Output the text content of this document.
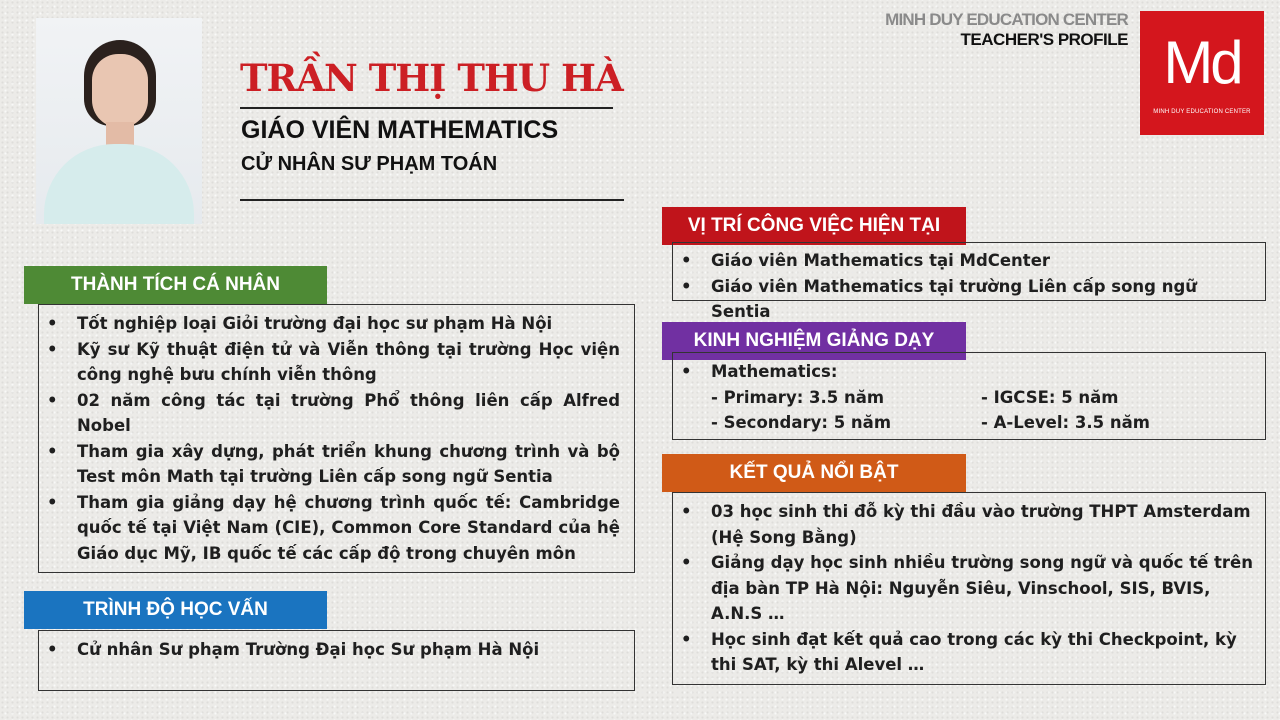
TRẦN THỊ THU HÀ
GIÁO VIÊN MATHEMATICS
CỬ NHÂN SƯ PHẠM TOÁN
MINH DUY EDUCATION CENTER
TEACHER'S PROFILE Md
MINH DUY EDUCATION CENTER
THÀNH TÍCH CÁ NHÂN
• Tốt nghiệp loại Giỏi trường đại học sư phạm Hà Nội
• Kỹ sư Kỹ thuật điện tử và Viễn thông tại trường Học viện công nghệ bưu chính viễn thông
• 02 năm công tác tại trường Phổ thông liên cấp Alfred Nobel
• Tham gia xây dựng, phát triển khung chương trình và bộ Test môn Math tại trường Liên cấp song ngữ Sentia
• Tham gia giảng dạy hệ chương trình quốc tế: Cambridge quốc tế tại Việt Nam (CIE), Common Core Standard của hệ Giáo dục Mỹ, IB quốc tế các cấp độ trong chuyên môn
TRÌNH ĐỘ HỌC VẤN
• Cử nhân Sư phạm Trường Đại học Sư phạm Hà Nội
VỊ TRÍ CÔNG VIỆC HIỆN TẠI
• Giáo viên Mathematics tại MdCenter
• Giáo viên Mathematics tại trường Liên cấp song ngữ Sentia
KINH NGHIỆM GIẢNG DẠY
• Mathematics:
- Primary: 3.5 năm	- IGCSE: 5 năm
- Secondary: 5 năm	- A-Level: 3.5 năm
KẾT QUẢ NỔI BẬT
• 03 học sinh thi đỗ kỳ thi đầu vào trường THPT Amsterdam (Hệ Song Bằng)
• Giảng dạy học sinh nhiều trường song ngữ và quốc tế trên địa bàn TP Hà Nội: Nguyễn Siêu, Vinschool, SIS, BVIS, A.N.S …
• Học sinh đạt kết quả cao trong các kỳ thi Checkpoint, kỳ thi SAT, kỳ thi Alevel …
